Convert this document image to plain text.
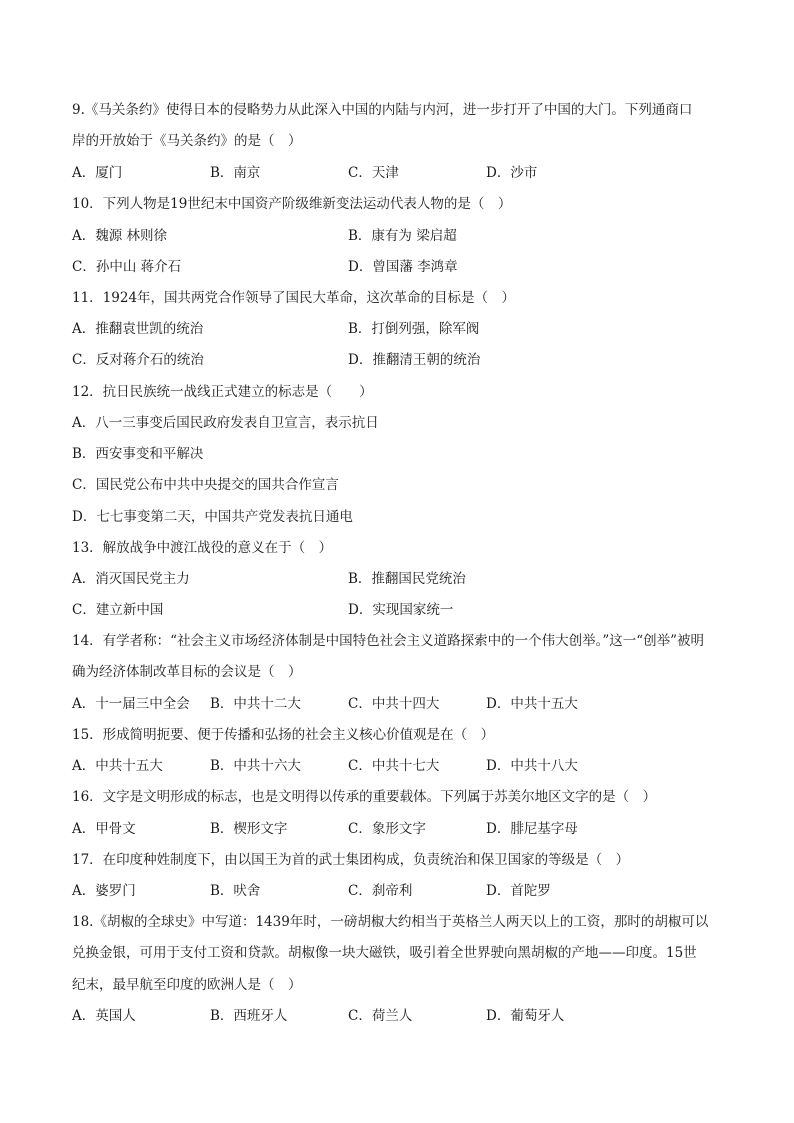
9.《马关条约》使得日本的侵略势力从此深入中国的内陆与内河，进一步打开了中国的大门。下列通商口
岸的开放始于《马关条约》的是（　）
A．厦门	B．南京	C．天津	D．沙市
10．下列人物是19世纪末中国资产阶级维新变法运动代表人物的是（　）
A．魏源 林则徐	B．康有为 梁启超
C．孙中山 蒋介石	D．曾国藩 李鸿章
11．1924年，国共两党合作领导了国民大革命，这次革命的目标是（　）
A．推翻袁世凯的统治	B．打倒列强，除军阀
C．反对蒋介石的统治	D．推翻清王朝的统治
12．抗日民族统一战线正式建立的标志是（　　）
A．八一三事变后国民政府发表自卫宣言，表示抗日
B．西安事变和平解决
C．国民党公布中共中央提交的国共合作宣言
D．七七事变第二天，中国共产党发表抗日通电
13．解放战争中渡江战役的意义在于（　）
A．消灭国民党主力	B．推翻国民党统治
C．建立新中国	D．实现国家统一
14．有学者称：“社会主义市场经济体制是中国特色社会主义道路探索中的一个伟大创举。”这一“创举”被明
确为经济体制改革目标的会议是（　）
A．十一届三中全会 B．中共十二大	C．中共十四大	D．中共十五大
15．形成简明扼要、便于传播和弘扬的社会主义核心价值观是在（　）
A．中共十五大	B．中共十六大	C．中共十七大	D．中共十八大
16．文字是文明形成的标志，也是文明得以传承的重要载体。下列属于苏美尔地区文字的是（　）
A．甲骨文	B．楔形文字	C．象形文字	D．腓尼基字母
17．在印度种姓制度下，由以国王为首的武士集团构成，负责统治和保卫国家的等级是（　）
A．婆罗门	B．吠舍	C．刹帝利	D．首陀罗
18.《胡椒的全球史》中写道：1439年时，一磅胡椒大约相当于英格兰人两天以上的工资，那时的胡椒可以
兑换金银，可用于支付工资和贷款。胡椒像一块大磁铁，吸引着全世界驶向黑胡椒的产地——印度。15世
纪末，最早航至印度的欧洲人是（　）
A．英国人	B．西班牙人	C．荷兰人	D．葡萄牙人
